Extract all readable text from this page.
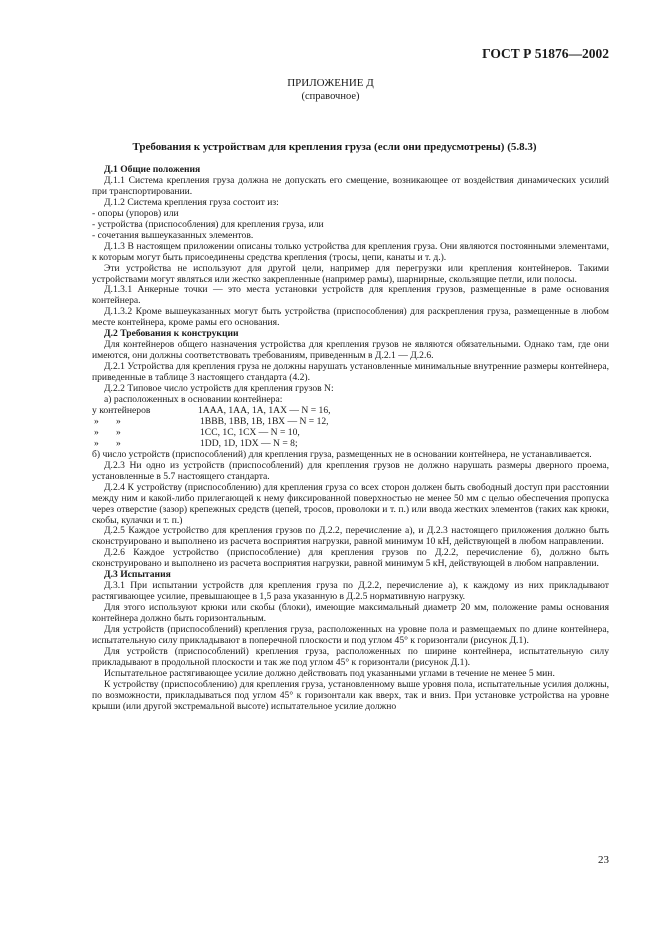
ГОСТ Р 51876—2002
ПРИЛОЖЕНИЕ Д
(справочное)
Требования к устройствам для крепления груза (если они предусмотрены) (5.8.3)

Д.1 Общие положения

Д.1.1 Система крепления груза должна не допускать его смещение, возникающее от воздействия динамических усилий при транспортировании.

Д.1.2 Система крепления груза состоит из:

- опоры (упоров) или

- устройства (приспособления) для крепления груза, или

- сочетания вышеуказанных элементов.

Д.1.3 В настоящем приложении описаны только устройства для крепления груза. Они являются постоянными элементами, к которым могут быть присоединены средства крепления (тросы, цепи, канаты и т. д.).

Эти устройства не используют для другой цели, например для перегрузки или крепления контейнеров. Такими устройствами могут являться или жестко закрепленные (например рамы), шарнирные, скользящие петли, или полосы.

Д.1.3.1 Анкерные точки — это места установки устройств для крепления грузов, размещенные в раме основания контейнера.

Д.1.3.2 Кроме вышеуказанных могут быть устройства (приспособления) для раскрепления груза, размещенные в любом месте контейнера, кроме рамы его основания.

Д.2 Требования к конструкции

Для контейнеров общего назначения устройства для крепления грузов не являются обязательными. Однако там, где они имеются, они должны соответствовать требованиям, приведенным в Д.2.1 — Д.2.6.

Д.2.1 Устройства для крепления груза не должны нарушать установленные минимальные внутренние размеры контейнера, приведенные в таблице 3 настоящего стандарта (4.2).

Д.2.2 Типовое число устройств для крепления грузов N:

а) расположенных в основании контейнера:

у контейнеров	1ААА, 1АА, 1А, 1АХ — N = 16,
»	»	1ВВВ, 1ВВ, 1В, 1ВХ — N = 12,
»	»	1СС, 1С, 1СХ — N = 10,
»	»	1DD, 1D, 1DX — N = 8;

б) число устройств (приспособлений) для крепления груза, размещенных не в основании контейнера, не устанавливается.

Д.2.3 Ни одно из устройств (приспособлений) для крепления грузов не должно нарушать размеры дверного проема, установленные в 5.7 настоящего стандарта.

Д.2.4 К устройству (приспособлению) для крепления груза со всех сторон должен быть свободный доступ при расстоянии между ним и какой-либо прилегающей к нему фиксированной поверхностью не менее 50 мм с целью обеспечения пропуска через отверстие (зазор) крепежных средств (цепей, тросов, проволоки и т. п.) или ввода жестких элементов (таких как крюки, скобы, кулачки и т. п.)

Д.2.5 Каждое устройство для крепления грузов по Д.2.2, перечисление а), и Д.2.3 настоящего приложения должно быть сконструировано и выполнено из расчета восприятия нагрузки, равной минимум 10 кН, действующей в любом направлении.

Д.2.6 Каждое устройство (приспособление) для крепления грузов по Д.2.2, перечисление б), должно быть сконструировано и выполнено из расчета восприятия нагрузки, равной минимум 5 кН, действующей в любом направлении.

Д.3 Испытания

Д.3.1 При испытании устройств для крепления груза по Д.2.2, перечисление а), к каждому из них прикладывают растягивающее усилие, превышающее в 1,5 раза указанную в Д.2.5 нормативную нагрузку.

Для этого используют крюки или скобы (блоки), имеющие максимальный диаметр 20 мм, положение рамы основания контейнера должно быть горизонтальным.

Для устройств (приспособлений) крепления груза, расположенных на уровне пола и размещаемых по длине контейнера, испытательную силу прикладывают в поперечной плоскости и под углом 45° к горизонтали (рисунок Д.1).

Для устройств (приспособлений) крепления груза, расположенных по ширине контейнера, испытательную силу прикладывают в продольной плоскости и так же под углом 45° к горизонтали (рисунок Д.1).

Испытательное растягивающее усилие должно действовать под указанными углами в течение не менее 5 мин.

К устройству (приспособлению) для крепления груза, установленному выше уровня пола, испытательные усилия должны, по возможности, прикладываться под углом 45° к горизонтали как вверх, так и вниз. При установке устройства на уровне крыши (или другой экстремальной высоте) испытательное усилие должно

23
